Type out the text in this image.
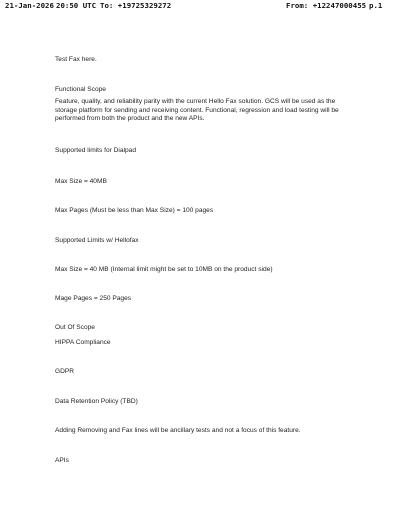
21-Jan-2026 20:50 UTC To: +19725329272	From: +12247000455 p.1
Test Fax here.
Functional Scope
Feature, quality, and reliability parity with the current Hello Fax solution. GCS will be used as the storage platform for sending and receiving content. Functional, regression and load testing will be performed from both the product and the new APIs.
Supported limits for Dialpad
Max Size = 40MB
Max Pages (Must be less than Max Size) = 100 pages
Supported Limits w/ Hellofax
Max Size = 40 MB (Internal limit might be set to 10MB on the product side)
Mage Pages = 250 Pages
Out Of Scope
HIPPA Compliance
GDPR
Data Retention Policy (TBD)
Adding Removing and Fax lines will be ancillary tests and not a focus of this feature.
APIs
